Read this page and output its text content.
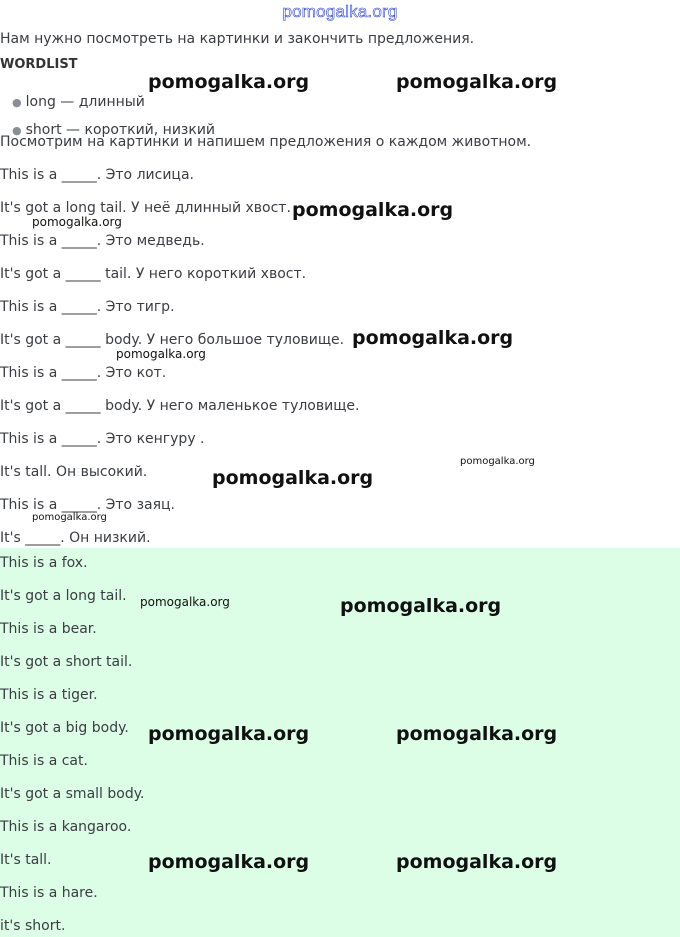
pomogalka.org
Нам нужно посмотреть на картинки и закончить предложения.
WORDLIST
● long — длинный
● short — короткий, низкий
Посмотрим на картинки и напишем предложения о каждом животном.
This is a _____. Это лисица.
It's got a long tail. У неё длинный хвост.
This is a _____. Это медведь.
It's got a _____ tail. У него короткий хвост.
This is a _____. Это тигр.
It's got a _____ body. У него большое туловище.
This is a _____. Это кот.
It's got a _____ body. У него маленькое туловище.
This is a _____. Это кенгуру .
It's tall. Он высокий.
This is a _____. Это заяц.
It's _____. Он низкий.
This is a fox.
It's got a long tail.
This is a bear.
It's got a short tail.
This is a tiger.
It's got a big body.
This is a cat.
It's got a small body.
This is a kangaroo.
It's tall.
This is a hare.
it's short.
pomogalka.org	pomogalka.org
pomogalka.org
pomogalka.org
pomogalka.org
pomogalka.org
pomogalka.org
pomogalka.org
pomogalka.org
pomogalka.org	pomogalka.org
pomogalka.org	pomogalka.org
pomogalka.org	pomogalka.org
